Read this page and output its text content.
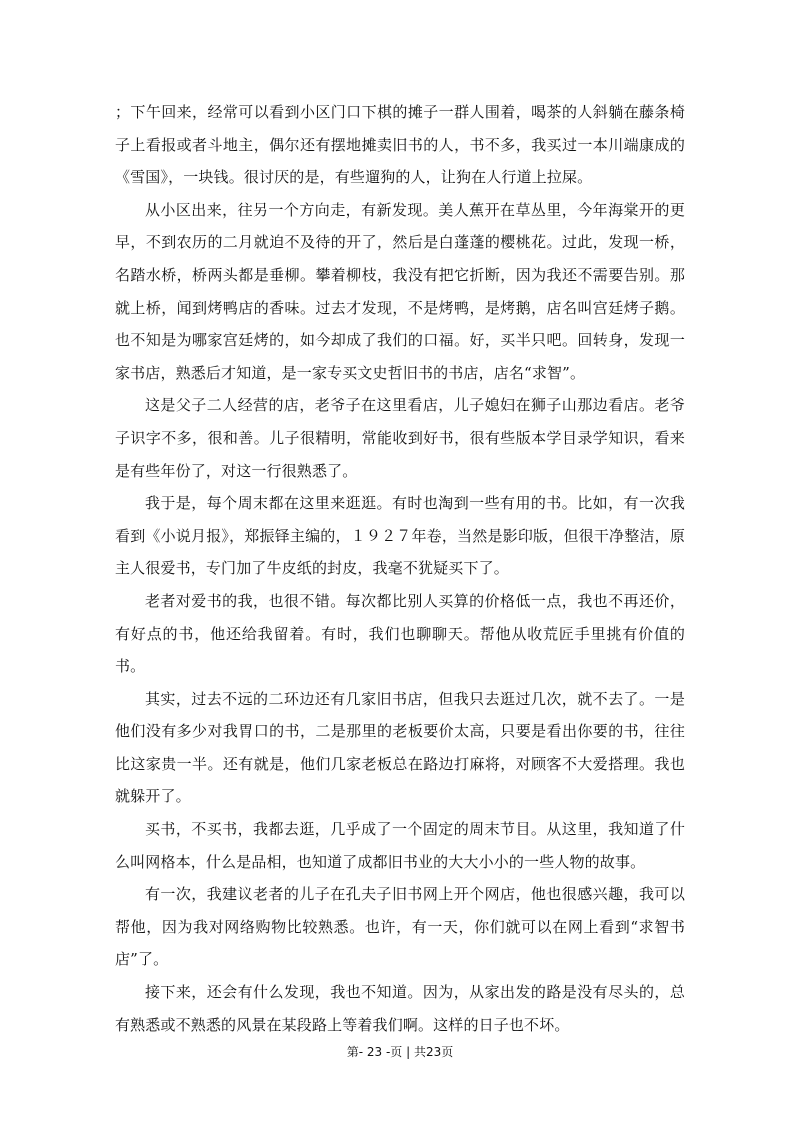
；下午回来，经常可以看到小区门口下棋的摊子一群人围着，喝茶的人斜躺在藤条椅子上看报或者斗地主，偶尔还有摆地摊卖旧书的人，书不多，我买过一本川端康成的《雪国》，一块钱。很讨厌的是，有些遛狗的人，让狗在人行道上拉屎。

从小区出来，往另一个方向走，有新发现。美人蕉开在草丛里，今年海棠开的更早，不到农历的二月就迫不及待的开了，然后是白蓬蓬的樱桃花。过此，发现一桥，名踏水桥，桥两头都是垂柳。攀着柳枝，我没有把它折断，因为我还不需要告别。那就上桥，闻到烤鸭店的香味。过去才发现，不是烤鸭，是烤鹅，店名叫宫廷烤子鹅。也不知是为哪家宫廷烤的，如今却成了我们的口福。好，买半只吧。回转身，发现一家书店，熟悉后才知道，是一家专买文史哲旧书的书店，店名“求智”。

这是父子二人经营的店，老爷子在这里看店，儿子媳妇在狮子山那边看店。老爷子识字不多，很和善。儿子很精明，常能收到好书，很有些版本学目录学知识，看来是有些年份了，对这一行很熟悉了。

我于是，每个周末都在这里来逛逛。有时也淘到一些有用的书。比如，有一次我看到《小说月报》，郑振铎主编的，１９２７年卷，当然是影印版，但很干净整洁，原主人很爱书，专门加了牛皮纸的封皮，我毫不犹疑买下了。

老者对爱书的我，也很不错。每次都比别人买算的价格低一点，我也不再还价，有好点的书，他还给我留着。有时，我们也聊聊天。帮他从收荒匠手里挑有价值的书。

其实，过去不远的二环边还有几家旧书店，但我只去逛过几次，就不去了。一是他们没有多少对我胃口的书，二是那里的老板要价太高，只要是看出你要的书，往往比这家贵一半。还有就是，他们几家老板总在路边打麻将，对顾客不大爱搭理。我也就躲开了。

买书，不买书，我都去逛，几乎成了一个固定的周末节目。从这里，我知道了什么叫网格本，什么是品相，也知道了成都旧书业的大大小小的一些人物的故事。

有一次，我建议老者的儿子在孔夫子旧书网上开个网店，他也很感兴趣，我可以帮他，因为我对网络购物比较熟悉。也许，有一天，你们就可以在网上看到“求智书店”了。

接下来，还会有什么发现，我也不知道。因为，从家出发的路是没有尽头的，总有熟悉或不熟悉的风景在某段路上等着我们啊。这样的日子也不坏。

第- 23 -页 | 共23页
